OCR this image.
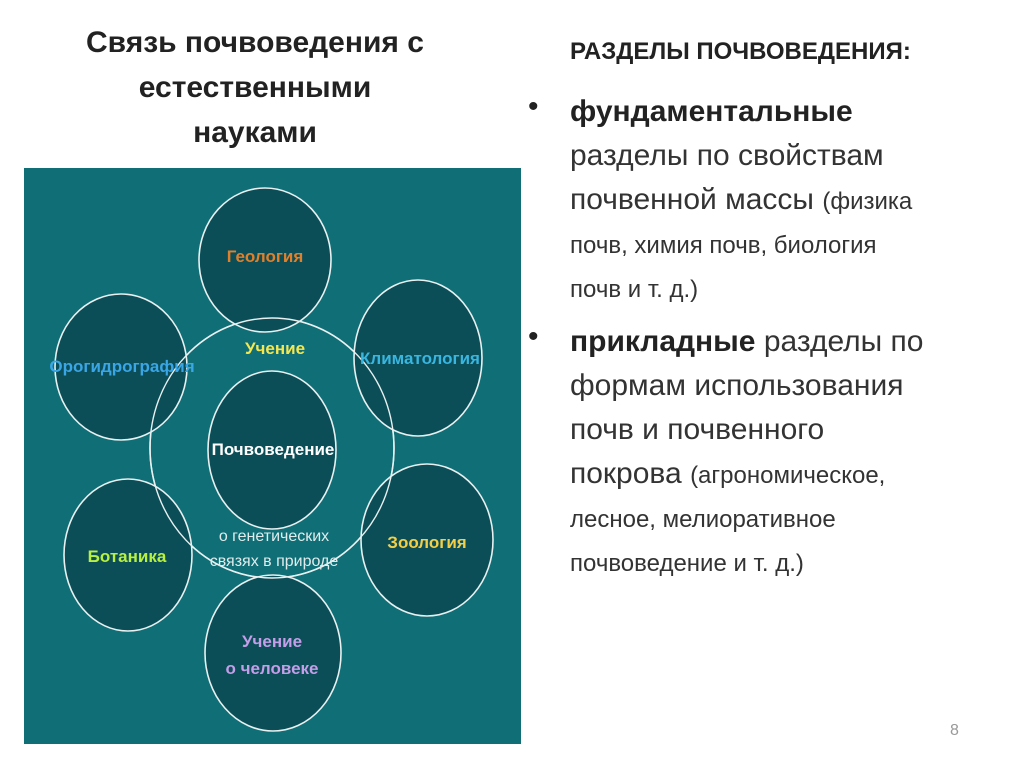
Связь почвоведения с
естественными
науками
Геология
Климатология
Зоология
Учение
о человеке
Ботаника
Орогидрография
Учение
Почвоведение
о генетических
связях в природе
РАЗДЕЛЫ ПОЧВОВЕДЕНИЯ:
• фундаментальные
разделы по свойствам
почвенной массы (физика
почв, химия почв, биология
почв и т. д.)
• прикладные разделы по
формам использования
почв и почвенного
покрова (агрономическое,
лесное, мелиоративное
почвоведение и т. д.)
8
